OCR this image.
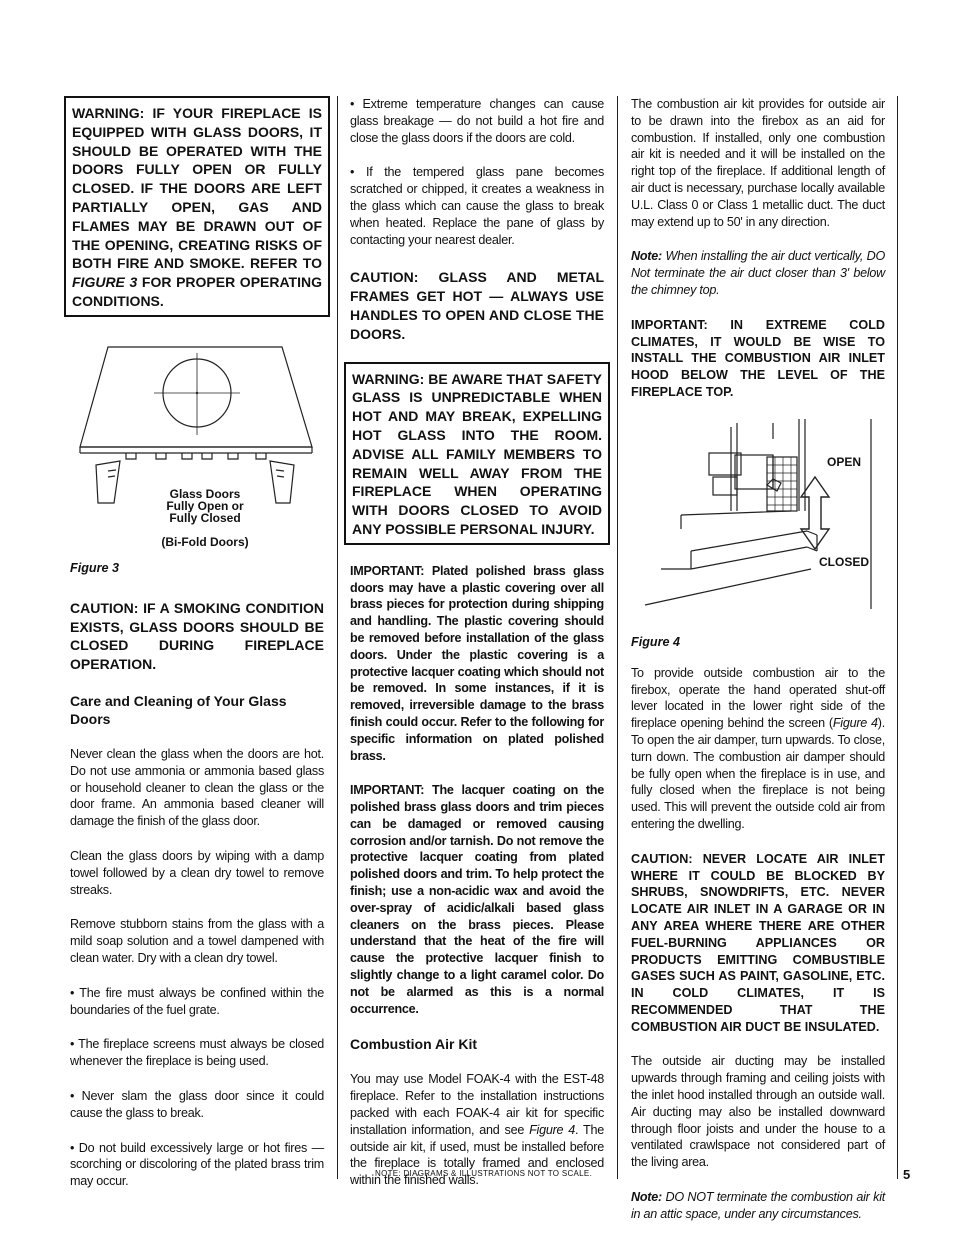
WARNING: IF YOUR FIREPLACE IS EQUIPPED WITH GLASS DOORS, IT SHOULD BE OPERATED WITH THE DOORS FULLY OPEN OR FULLY CLOSED. IF THE DOORS ARE LEFT PARTIALLY OPEN, GAS AND FLAMES MAY BE DRAWN OUT OF THE OPENING, CREATING RISKS OF BOTH FIRE AND SMOKE. REFER TO FIGURE 3 FOR PROPER OPERATING CONDITIONS.
Glass Doors
Fully Open or
Fully Closed
(Bi-Fold Doors)
Figure 3
CAUTION: IF A SMOKING CONDITION EXISTS, GLASS DOORS SHOULD BE CLOSED DURING FIREPLACE OPERATION.
Care and Cleaning of Your Glass Doors

Never clean the glass when the doors are hot. Do not use ammonia or ammonia based glass or household cleaner to clean the glass or the door frame. An ammonia based cleaner will damage the finish of the glass door.

Clean the glass doors by wiping with a damp towel followed by a clean dry towel to remove streaks.

Remove stubborn stains from the glass with a mild soap solution and a towel dampened with clean water. Dry with a clean dry towel.

• The fire must always be confined within the boundaries of the fuel grate.

• The fireplace screens must always be closed whenever the fireplace is being used.

• Never slam the glass door since it could cause the glass to break.

• Do not build excessively large or hot fires — scorching or discoloring of the plated brass trim may occur.

• Extreme temperature changes can cause glass breakage — do not build a hot fire and close the glass doors if the doors are cold.

• If the tempered glass pane becomes scratched or chipped, it creates a weakness in the glass which can cause the glass to break when heated. Replace the pane of glass by contacting your nearest dealer.

CAUTION: GLASS AND METAL FRAMES GET HOT — ALWAYS USE HANDLES TO OPEN AND CLOSE THE DOORS.
WARNING: BE AWARE THAT SAFETY GLASS IS UNPREDICTABLE WHEN HOT AND MAY BREAK, EXPELLING HOT GLASS INTO THE ROOM. ADVISE ALL FAMILY MEMBERS TO REMAIN WELL AWAY FROM THE FIREPLACE WHEN OPERATING WITH DOORS CLOSED TO AVOID ANY POSSIBLE PERSONAL INJURY.

IMPORTANT: Plated polished brass glass doors may have a plastic covering over all brass pieces for protection during shipping and handling. The plastic covering should be removed before installation of the glass doors. Under the plastic covering is a protective lacquer coating which should not be removed. In some instances, if it is removed, irreversible damage to the brass finish could occur. Refer to the following for specific information on plated polished brass.

IMPORTANT: The lacquer coating on the polished brass glass doors and trim pieces can be damaged or removed causing corrosion and/or tarnish. Do not remove the protective lacquer coating from plated polished doors and trim. To help protect the finish; use a non-acidic wax and avoid the over-spray of acidic/alkali based glass cleaners on the brass pieces. Please understand that the heat of the fire will cause the protective lacquer finish to slightly change to a light caramel color. Do not be alarmed as this is a normal occurrence.

Combustion Air Kit

You may use Model FOAK-4 with the EST-48 fireplace. Refer to the installation instructions packed with each FOAK-4 air kit for specific installation information, and see Figure 4. The outside air kit, if used, must be installed before the fireplace is totally framed and enclosed within the finished walls.

The combustion air kit provides for outside air to be drawn into the firebox as an aid for combustion. If installed, only one combustion air kit is needed and it will be installed on the right top of the fireplace. If additional length of air duct is necessary, purchase locally available U.L. Class 0 or Class 1 metallic duct. The duct may extend up to 50' in any direction.

Note: When installing the air duct vertically, DO Not terminate the air duct closer than 3' below the chimney top.

IMPORTANT: IN EXTREME COLD CLIMATES, IT WOULD BE WISE TO INSTALL THE COMBUSTION AIR INLET HOOD BELOW THE LEVEL OF THE FIREPLACE TOP.

OPEN
CLOSED
Figure 4

To provide outside combustion air to the firebox, operate the hand operated shut-off lever located in the lower right side of the fireplace opening behind the screen (Figure 4). To open the air damper, turn upwards. To close, turn down. The combustion air damper should be fully open when the fireplace is in use, and fully closed when the fireplace is not being used. This will prevent the outside cold air from entering the dwelling.

CAUTION: NEVER LOCATE AIR INLET WHERE IT COULD BE BLOCKED BY SHRUBS, SNOWDRIFTS, ETC. NEVER LOCATE AIR INLET IN A GARAGE OR IN ANY AREA WHERE THERE ARE OTHER FUEL-BURNING APPLIANCES OR PRODUCTS EMITTING COMBUSTIBLE GASES SUCH AS PAINT, GASOLINE, ETC. IN COLD CLIMATES, IT IS RECOMMENDED THAT THE COMBUSTION AIR DUCT BE INSULATED.

The outside air ducting may be installed upwards through framing and ceiling joists with the inlet hood installed through an outside wall. Air ducting may also be installed downward through floor joists and under the house to a ventilated crawlspace not considered part of the living area.

Note: DO NOT terminate the combustion air kit in an attic space, under any circumstances.

NOTE: DIAGRAMS & ILLUSTRATIONS NOT TO SCALE.	5
